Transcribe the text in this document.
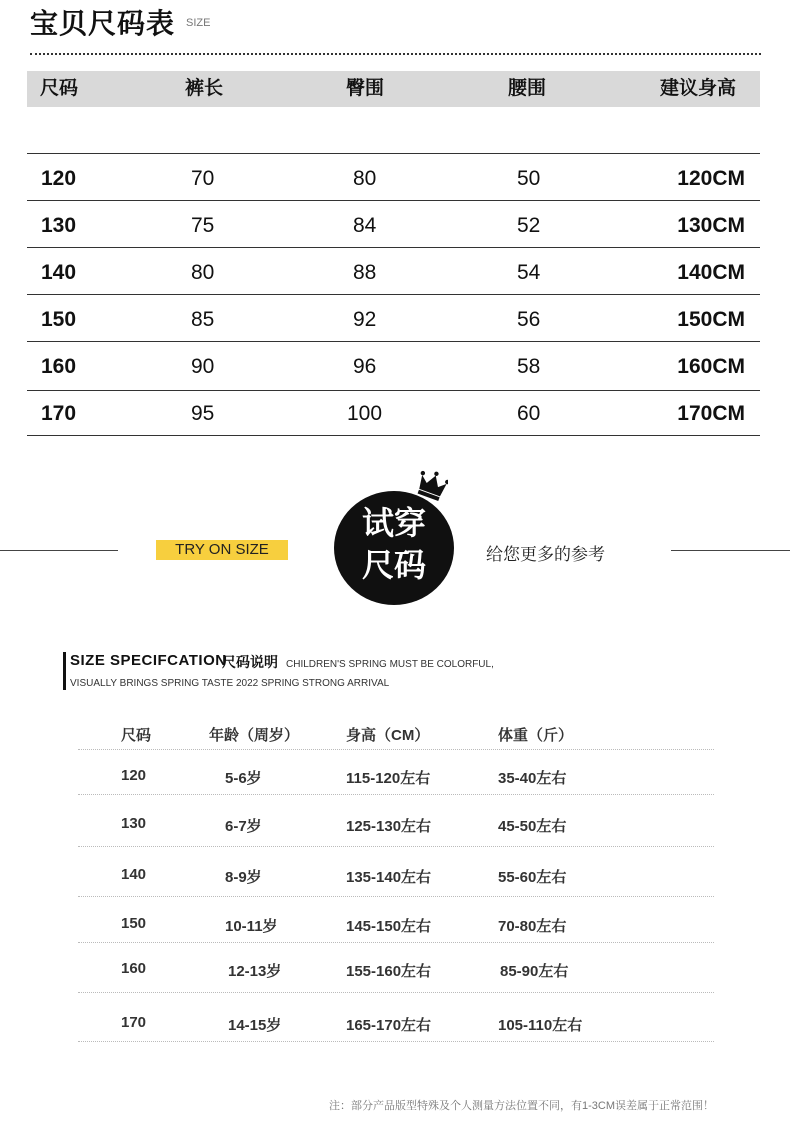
宝贝尺码表 SIZE
尺码	裤长	臀围	腰围	建议身高
120	70	80	50	120CM
130	75	84	52	130CM
140	80	88	54	140CM
150	85	92	56	150CM
160	90	96	58	160CM
170	95	100	60	170CM
TRY ON SIZE
试穿
尺码	给您更多的参考
SIZE SPECIFCATION
尺码说明 CHILDREN'S SPRING MUST BE COLORFUL,
VISUALLY BRINGS SPRING TASTE 2022 SPRING STRONG ARRIVAL
尺码	年龄（周岁）	身高（CM）	体重（斤）
120	5-6岁	115-120左右	35-40左右
130	6-7岁	125-130左右	45-50左右
140	8-9岁	135-140左右	55-60左右
150	10-11岁	145-150左右	70-80左右
160	12-13岁	155-160左右	85-90左右
170	14-15岁	165-170左右	105-110左右
注：部分产品版型特殊及个人测量方法位置不同，有1-3CM误差属于正常范围！
